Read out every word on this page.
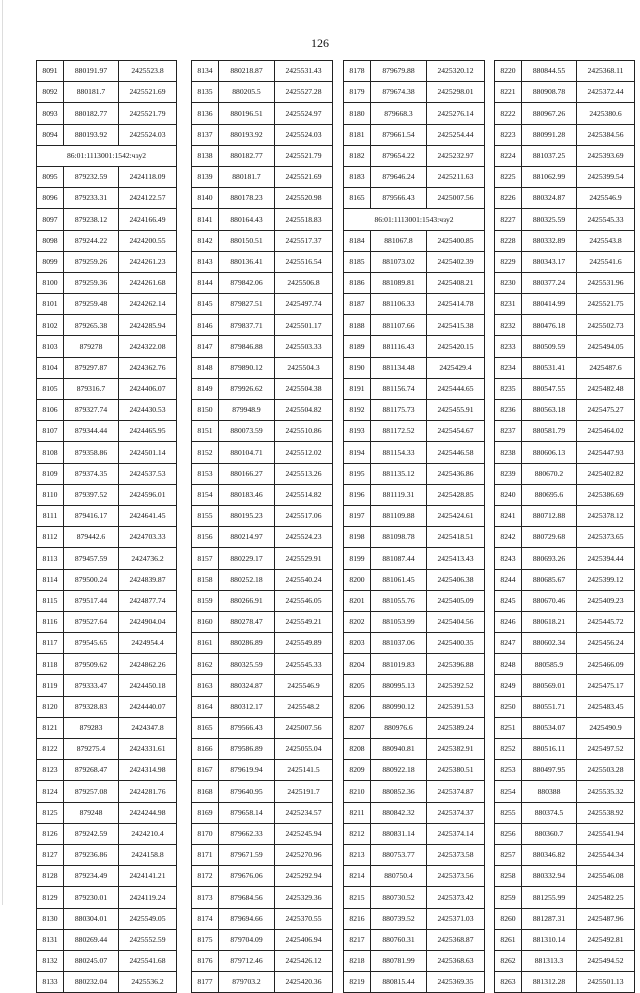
126
8091	880191.97	2425523.8
8092	880181.7	2425521.69
8093	880182.77	2425521.79
8094	880193.92	2425524.03
86:01:1113001:1542:чзу2		
8095	879232.59	2424118.09
8096	879233.31	2424122.57
8097	879238.12	2424166.49
8098	879244.22	2424200.55
8099	879259.26	2424261.23
8100	879259.36	2424261.68
8101	879259.48	2424262.14
8102	879265.38	2424285.94
8103	879278	2424322.08
8104	879297.87	2424362.76
8105	879316.7	2424406.07
8106	879327.74	2424430.53
8107	879344.44	2424465.95
8108	879358.86	2424501.14
8109	879374.35	2424537.53
8110	879397.52	2424596.01
8111	879416.17	2424641.45
8112	879442.6	2424703.33
8113	879457.59	2424736.2
8114	879500.24	2424839.87
8115	879517.44	2424877.74
8116	879527.64	2424904.04
8117	879545.65	2424954.4
8118	879509.62	2424862.26
8119	879333.47	2424450.18
8120	879328.83	2424440.07
8121	879283	2424347.8
8122	879275.4	2424331.61
8123	879268.47	2424314.98
8124	879257.08	2424281.76
8125	879248	2424244.98
8126	879242.59	2424210.4
8127	879236.86	2424158.8
8128	879234.49	2424141.21
8129	879230.01	2424119.24
8130	880304.01	2425549.05
8131	880269.44	2425552.59
8132	880245.07	2425541.68
8133	880232.04	2425536.2
8134	880218.87	2425531.43
8135	880205.5	2425527.28
8136	880196.51	2425524.97
8137	880193.92	2425524.03
8138	880182.77	2425521.79
8139	880181.7	2425521.69
8140	880178.23	2425520.98
8141	880164.43	2425518.83
8142	880150.51	2425517.37
8143	880136.41	2425516.54
8144	879842.06	2425506.8
8145	879827.51	2425497.74
8146	879837.71	2425501.17
8147	879846.88	2425503.33
8148	879890.12	2425504.3
8149	879926.62	2425504.38
8150	879948.9	2425504.82
8151	880073.59	2425510.86
8152	880104.71	2425512.02
8153	880166.27	2425513.26
8154	880183.46	2425514.82
8155	880195.23	2425517.06
8156	880214.97	2425524.23
8157	880229.17	2425529.91
8158	880252.18	2425540.24
8159	880266.91	2425546.05
8160	880278.47	2425549.21
8161	880286.89	2425549.89
8162	880325.59	2425545.33
8163	880324.87	2425546.9
8164	880312.17	2425548.2
8165	879566.43	2425007.56
8166	879586.89	2425055.04
8167	879619.94	2425141.5
8168	879640.95	2425191.7
8169	879658.14	2425234.57
8170	879662.33	2425245.94
8171	879671.59	2425270.96
8172	879676.06	2425292.94
8173	879684.56	2425329.36
8174	879694.66	2425370.55
8175	879704.09	2425406.94
8176	879712.46	2425426.12
8177	879703.2	2425420.36
8178	879679.88	2425320.12
8179	879674.38	2425298.01
8180	879668.3	2425276.14
8181	879661.54	2425254.44
8182	879654.22	2425232.97
8183	879646.24	2425211.63
8165	879566.43	2425007.56
86:01:1113001:1543:чзу2		
8184	881067.8	2425400.85
8185	881073.02	2425402.39
8186	881089.81	2425408.21
8187	881106.33	2425414.78
8188	881107.66	2425415.38
8189	881116.43	2425420.15
8190	881134.48	2425429.4
8191	881156.74	2425444.65
8192	881175.73	2425455.91
8193	881172.52	2425454.67
8194	881154.33	2425446.58
8195	881135.12	2425436.86
8196	881119.31	2425428.85
8197	881109.88	2425424.61
8198	881098.78	2425418.51
8199	881087.44	2425413.43
8200	881061.45	2425406.38
8201	881055.76	2425405.09
8202	881053.99	2425404.56
8203	881037.06	2425400.35
8204	881019.83	2425396.88
8205	880995.13	2425392.52
8206	880990.12	2425391.53
8207	880976.6	2425389.24
8208	880940.81	2425382.91
8209	880922.18	2425380.51
8210	880852.36	2425374.87
8211	880842.32	2425374.37
8212	880831.14	2425374.14
8213	880753.77	2425373.58
8214	880750.4	2425373.56
8215	880730.52	2425373.42
8216	880739.52	2425371.03
8217	880760.31	2425368.87
8218	880781.99	2425368.63
8219	880815.44	2425369.35
8220	880844.55	2425368.11
8221	880908.78	2425372.44
8222	880967.26	2425380.6
8223	880991.28	2425384.56
8224	881037.25	2425393.69
8225	881062.99	2425399.54
8226	880324.87	2425546.9
8227	880325.59	2425545.33
8228	880332.89	2425543.8
8229	880343.17	2425541.6
8230	880377.24	2425531.96
8231	880414.99	2425521.75
8232	880476.18	2425502.73
8233	880509.59	2425494.05
8234	880531.41	2425487.6
8235	880547.55	2425482.48
8236	880563.18	2425475.27
8237	880581.79	2425464.02
8238	880606.13	2425447.93
8239	880670.2	2425402.82
8240	880695.6	2425386.69
8241	880712.88	2425378.12
8242	880729.68	2425373.65
8243	880693.26	2425394.44
8244	880685.67	2425399.12
8245	880670.46	2425409.23
8246	880618.21	2425445.72
8247	880602.34	2425456.24
8248	880585.9	2425466.09
8249	880569.01	2425475.17
8250	880551.71	2425483.45
8251	880534.07	2425490.9
8252	880516.11	2425497.52
8253	880497.95	2425503.28
8254	880388	2425535.32
8255	880374.5	2425538.92
8256	880360.7	2425541.94
8257	880346.82	2425544.34
8258	880332.94	2425546.08
8259	881255.99	2425482.25
8260	881287.31	2425487.96
8261	881310.14	2425492.81
8262	881313.3	2425494.52
8263	881312.28	2425501.13
